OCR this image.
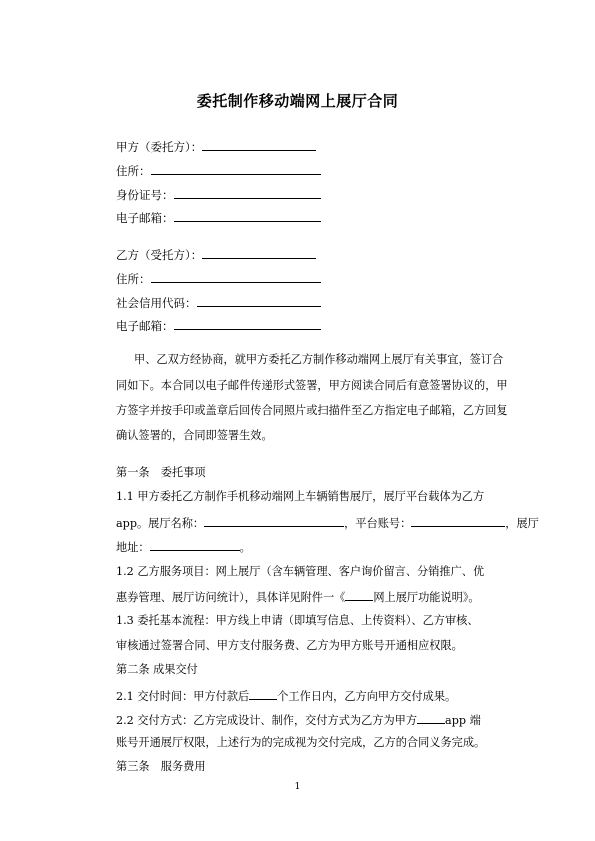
委托制作移动端网上展厅合同
甲方（委托方）：
住所：
身份证号：
电子邮箱：
乙方（受托方）：
住所：
社会信用代码：
电子邮箱：
甲、乙双方经协商，就甲方委托乙方制作移动端网上展厅有关事宜，签订合
同如下。本合同以电子邮件传递形式签署，甲方阅读合同后有意签署协议的，甲
方签字并按手印或盖章后回传合同照片或扫描件至乙方指定电子邮箱，乙方回复
确认签署的，合同即签署生效。
第一条　委托事项
1.1 甲方委托乙方制作手机移动端网上车辆销售展厅，展厅平台载体为乙方
app。展厅名称：	，平台账号：	，展厅
地址：	。
1.2 乙方服务项目：网上展厅（含车辆管理、客户询价留言、分销推广、优
惠券管理、展厅访问统计），具体详见附件一《	网上展厅功能说明》。
1.3 委托基本流程：甲方线上申请（即填写信息、上传资料）、乙方审核、
审核通过签署合同、甲方支付服务费、乙方为甲方账号开通相应权限。
第二条 成果交付
2.1 交付时间：甲方付款后	个工作日内，乙方向甲方交付成果。
2.2 交付方式：乙方完成设计、制作，交付方式为乙方为甲方	app 端
账号开通展厅权限，上述行为的完成视为交付完成，乙方的合同义务完成。
第三条　服务费用
1
